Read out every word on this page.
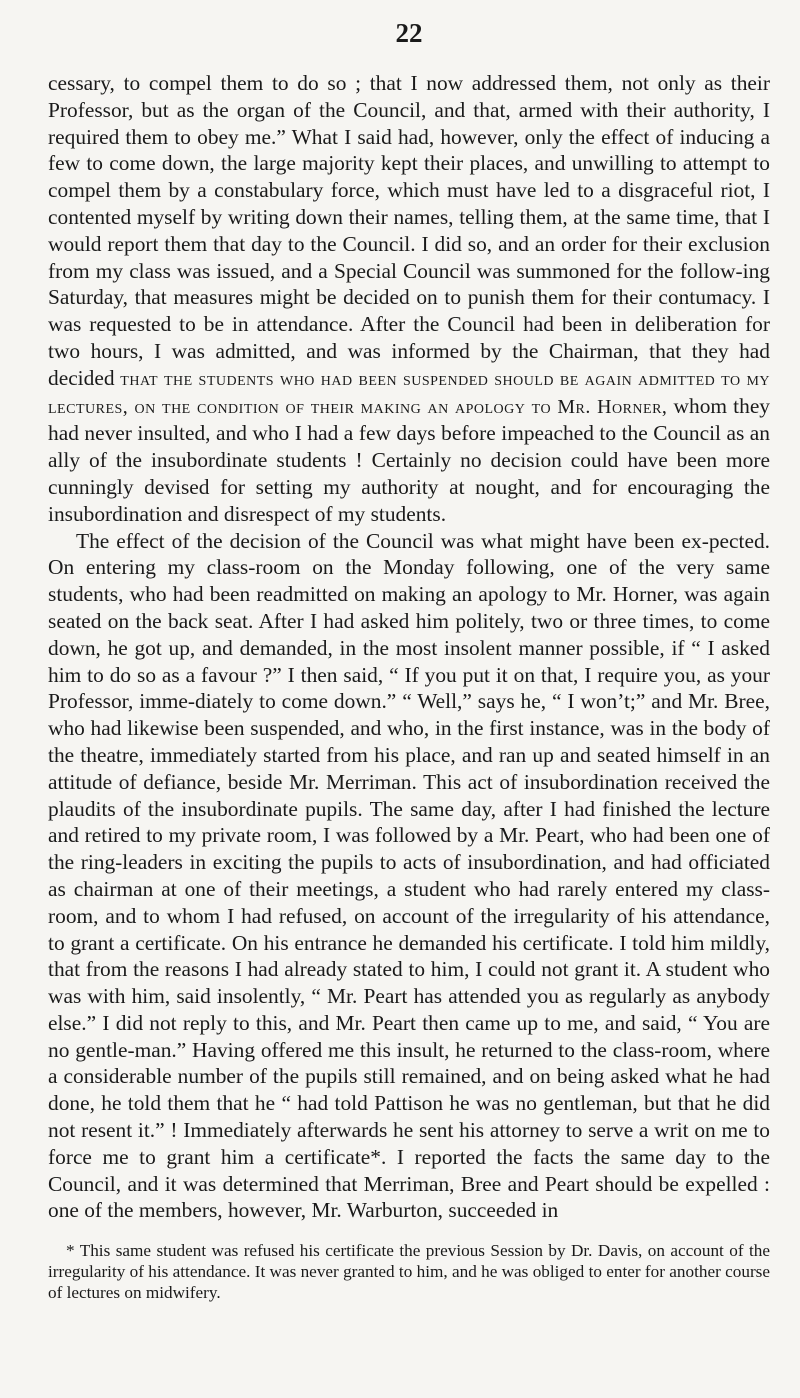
22

cessary, to compel them to do so ; that I now addressed them, not only as their Professor, but as the organ of the Council, and that, armed with their authority, I required them to obey me.” What I said had, however, only the effect of inducing a few to come down, the large majority kept their places, and unwilling to attempt to compel them by a constabulary force, which must have led to a disgraceful riot, I contented myself by writing down their names, telling them, at the same time, that I would report them that day to the Council. I did so, and an order for their exclusion from my class was issued, and a Special Council was summoned for the follow-ing Saturday, that measures might be decided on to punish them for their contumacy. I was requested to be in attendance. After the Council had been in deliberation for two hours, I was admitted, and was informed by the Chairman, that they had decided that the students who had been suspended should be again admitted to my lectures, on the condition of their making an apology to Mr. Horner, whom they had never insulted, and who I had a few days before impeached to the Council as an ally of the insubordinate students ! Certainly no decision could have been more cunningly devised for setting my authority at nought, and for encouraging the insubordination and disrespect of my students.

The effect of the decision of the Council was what might have been ex-pected. On entering my class-room on the Monday following, one of the very same students, who had been readmitted on making an apology to Mr. Horner, was again seated on the back seat. After I had asked him politely, two or three times, to come down, he got up, and demanded, in the most insolent manner possible, if “ I asked him to do so as a favour ?” I then said, “ If you put it on that, I require you, as your Professor, imme-diately to come down.” “ Well,” says he, “ I won’t;” and Mr. Bree, who had likewise been suspended, and who, in the first instance, was in the body of the theatre, immediately started from his place, and ran up and seated himself in an attitude of defiance, beside Mr. Merriman. This act of insubordination received the plaudits of the insubordinate pupils. The same day, after I had finished the lecture and retired to my private room, I was followed by a Mr. Peart, who had been one of the ring-leaders in exciting the pupils to acts of insubordination, and had officiated as chairman at one of their meetings, a student who had rarely entered my class-room, and to whom I had refused, on account of the irregularity of his attendance, to grant a certificate. On his entrance he demanded his certificate. I told him mildly, that from the reasons I had already stated to him, I could not grant it. A student who was with him, said insolently, “ Mr. Peart has attended you as regularly as anybody else.” I did not reply to this, and Mr. Peart then came up to me, and said, “ You are no gentle-man.” Having offered me this insult, he returned to the class-room, where a considerable number of the pupils still remained, and on being asked what he had done, he told them that he “ had told Pattison he was no gentleman, but that he did not resent it.” ! Immediately afterwards he sent his attorney to serve a writ on me to force me to grant him a certificate*. I reported the facts the same day to the Council, and it was determined that Merriman, Bree and Peart should be expelled : one of the members, however, Mr. Warburton, succeeded in

* This same student was refused his certificate the previous Session by Dr. Davis, on account of the irregularity of his attendance. It was never granted to him, and he was obliged to enter for another course of lectures on midwifery.
